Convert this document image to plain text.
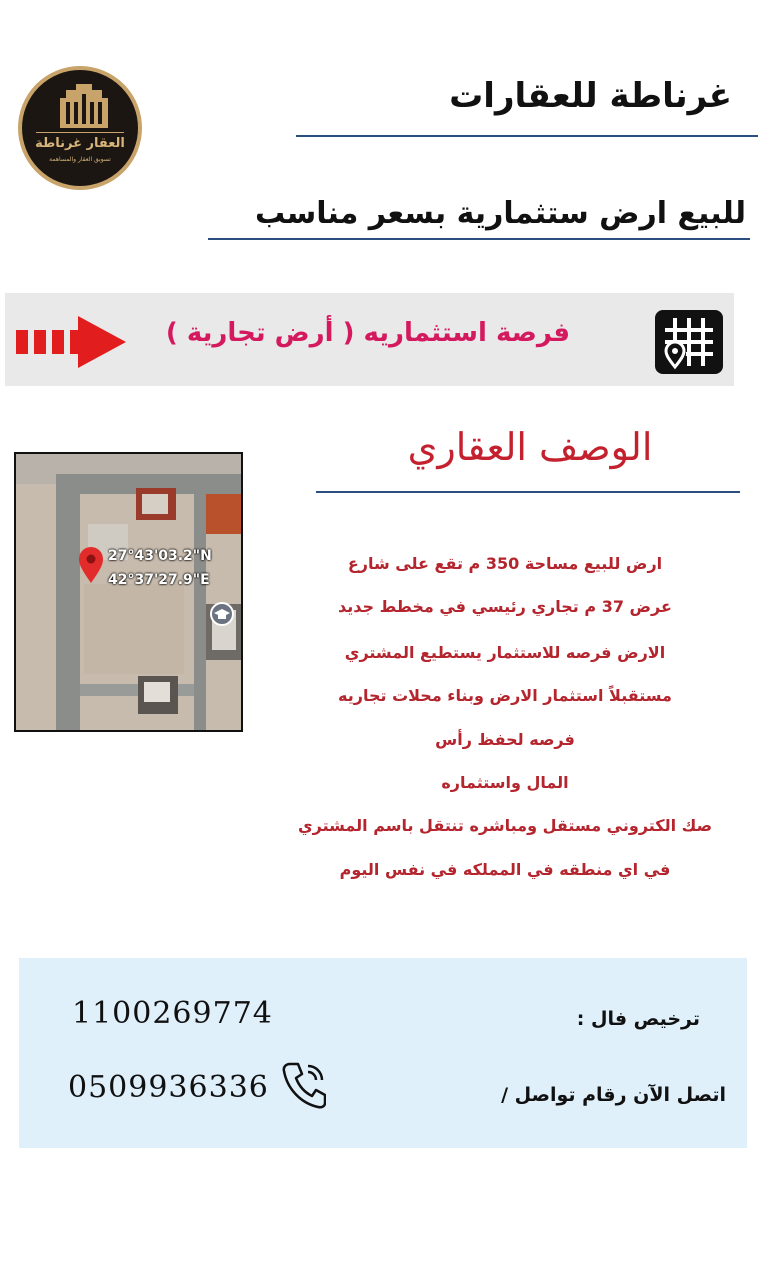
العقار غرناطة
تسويق العقار والمساهمة
غرناطة للعقارات
للبيع ارض ستثمارية بسعر مناسب
فرصة استثماريه ( أرض تجارية )
27°43'03.2"N
42°37'27.9"E
الوصف العقاري
ارض للبيع مساحة 350 م تقع على شارع
عرض 37 م تجاري رئيسي في مخطط جديد
الارض فرصه للاستثمار يستطيع المشتري
مستقبلاً استثمار الارض وبناء محلات تجاريه
فرصه لحفظ رأس
المال واستثماره
صك الكتروني مستقل ومباشره تنتقل باسم المشتري
في اي منطقه في المملكه في نفس اليوم
1100269774	ترخيص فال :
0509936336	اتصل الآن رقام تواصل /
